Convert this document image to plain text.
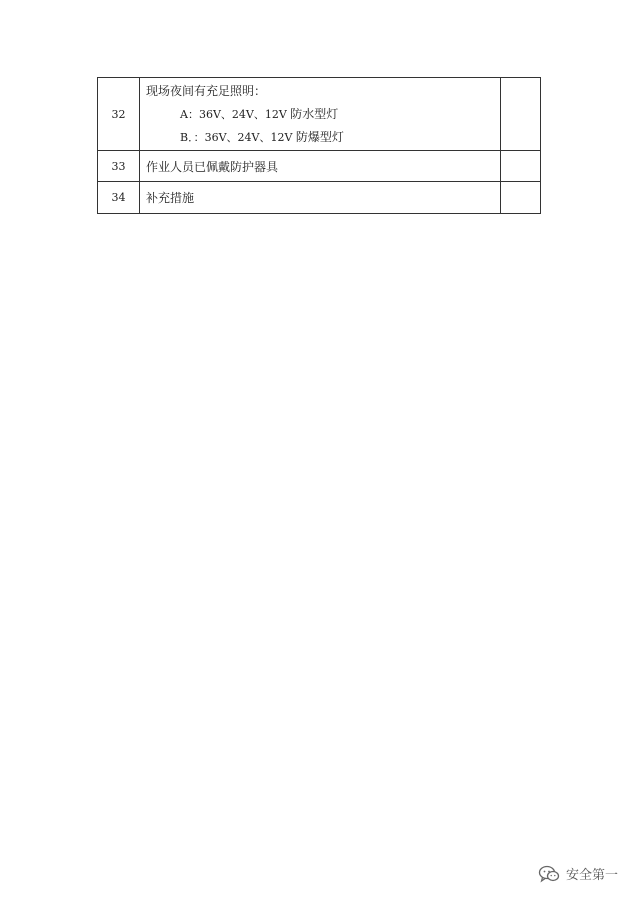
32	现场夜间有充足照明：
A：36V、24V、12V 防水型灯
B．：36V、24V、12V 防爆型灯	

33	作业人员已佩戴防护器具	
34	补充措施	
安全第一
